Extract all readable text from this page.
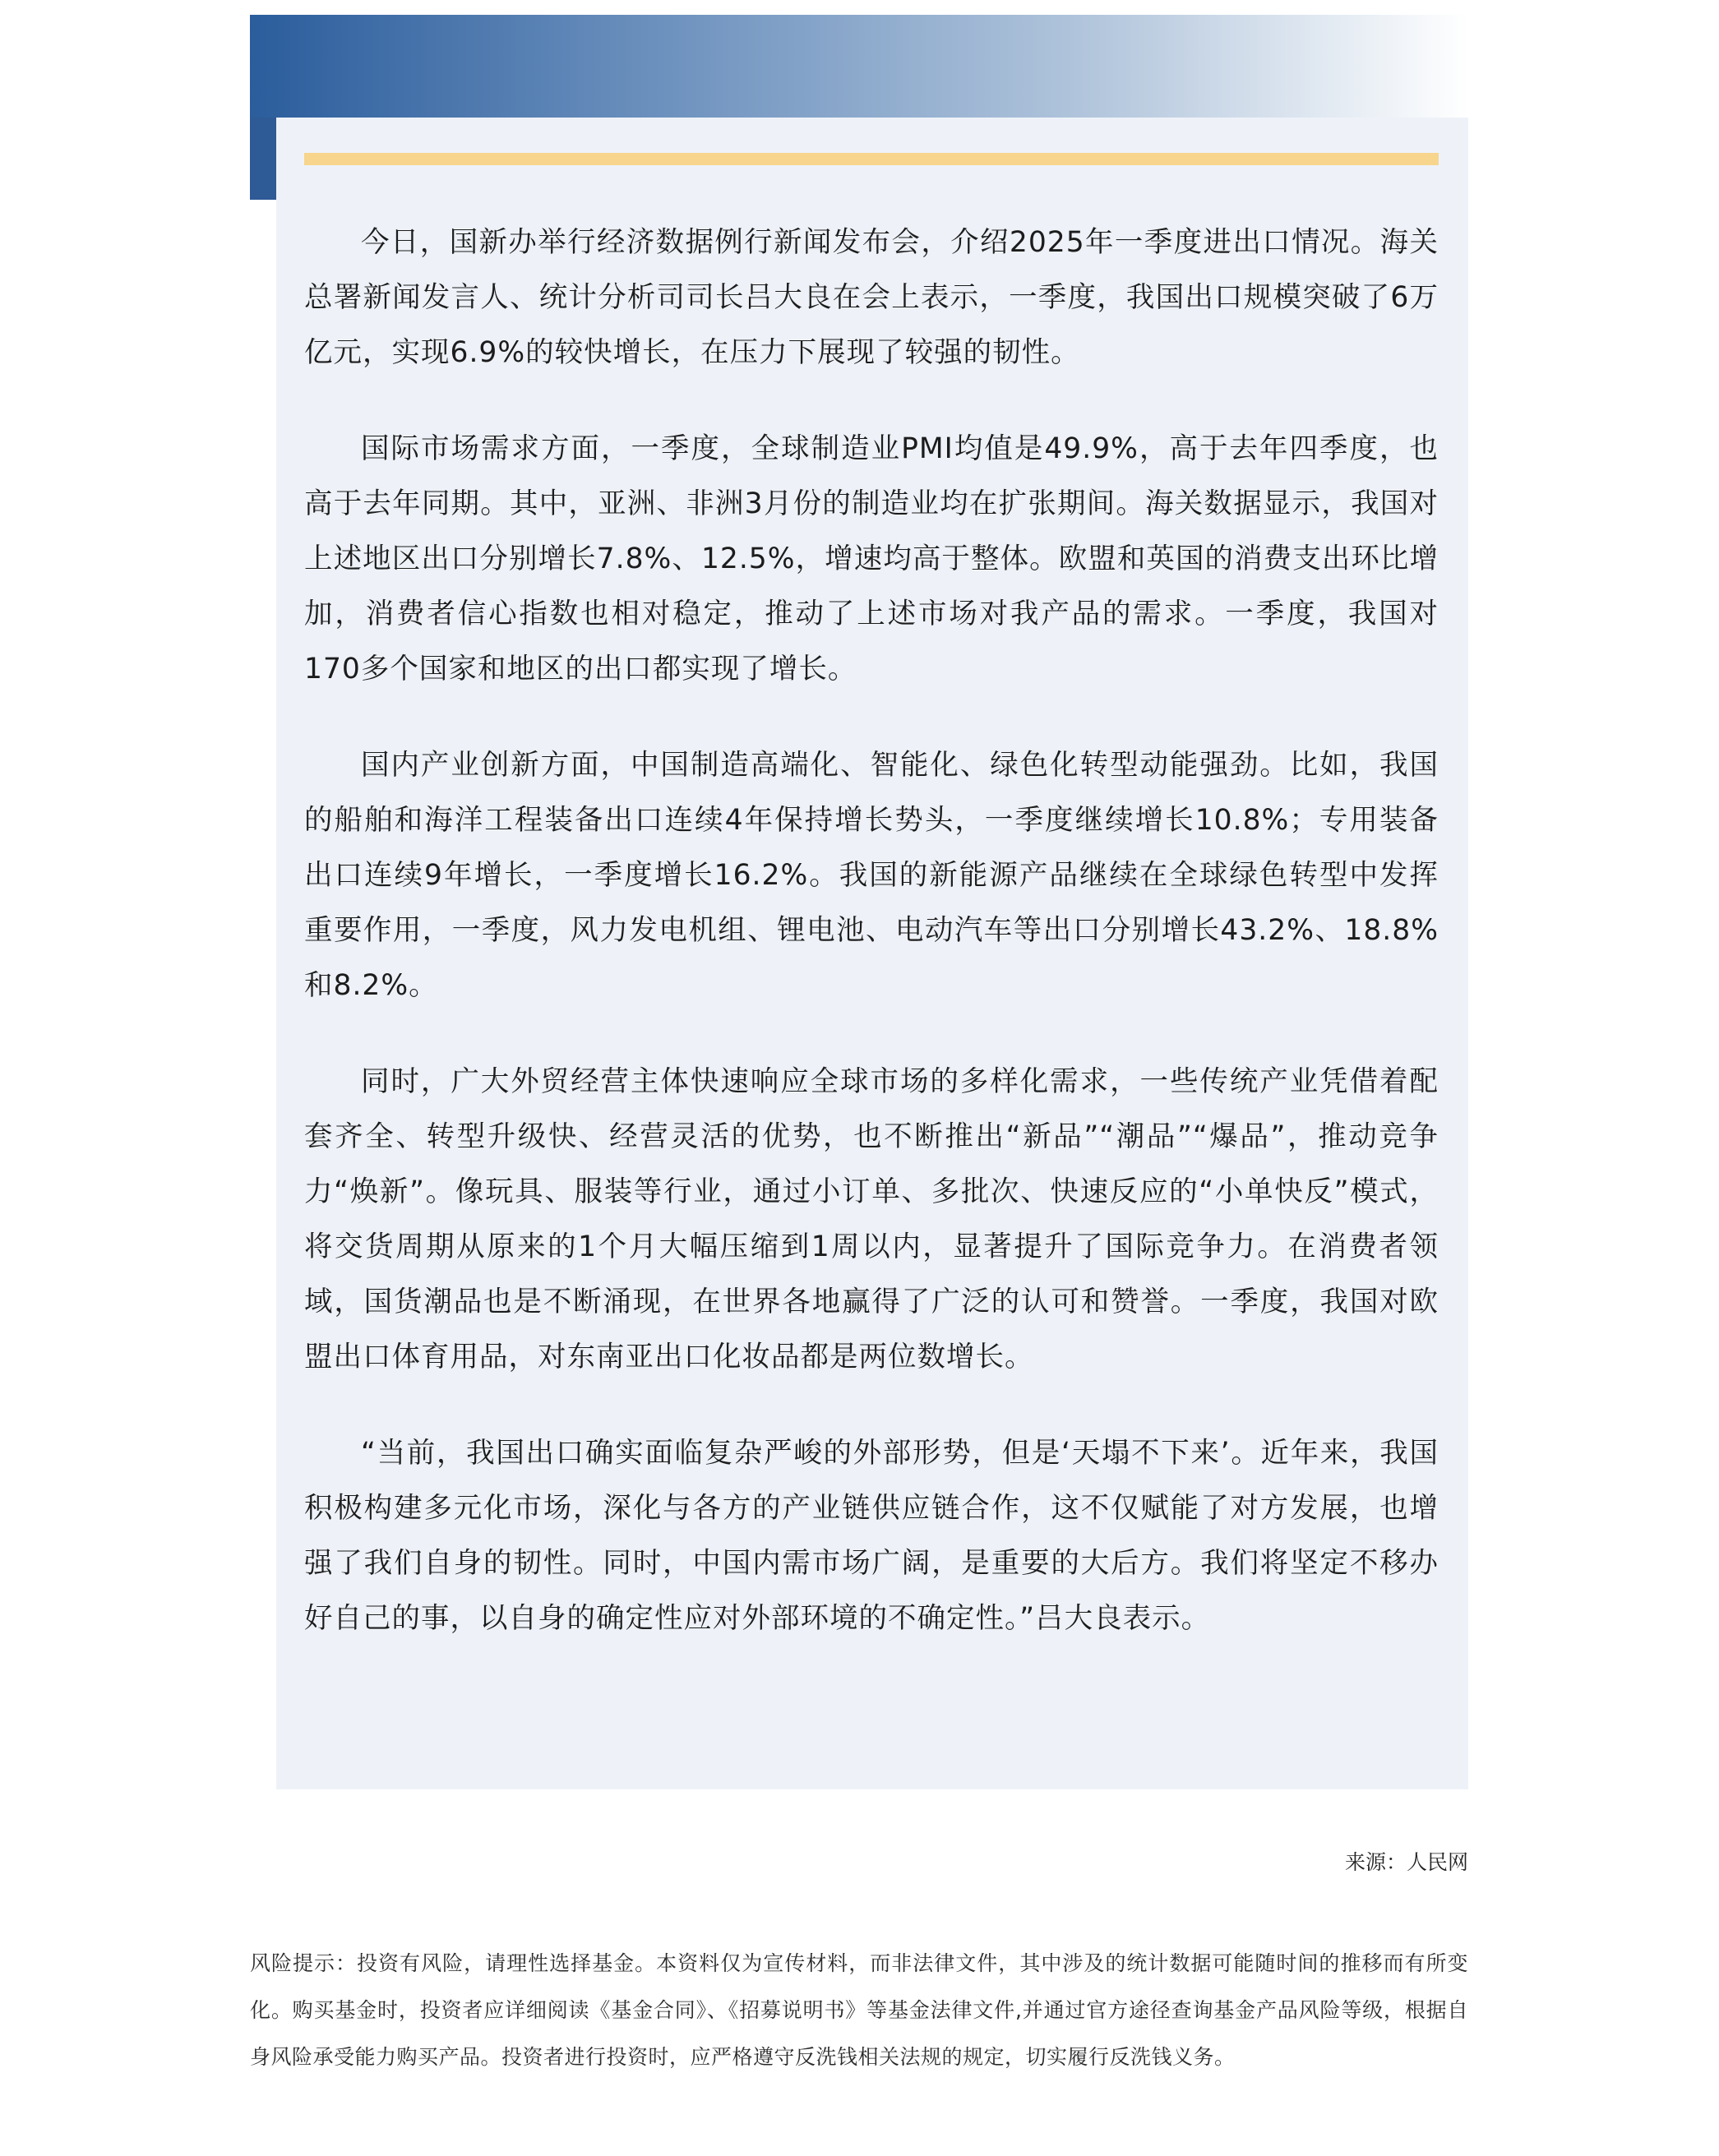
今日，国新办举行经济数据例行新闻发布会，介绍2025年一季度进出口情况。海关总署新闻发言人、统计分析司司长吕大良在会上表示，一季度，我国出口规模突破了6万亿元，实现6.9%的较快增长，在压力下展现了较强的韧性。

国际市场需求方面，一季度，全球制造业PMI均值是49.9%，高于去年四季度，也高于去年同期。其中，亚洲、非洲3月份的制造业均在扩张期间。海关数据显示，我国对上述地区出口分别增长7.8%、12.5%，增速均高于整体。欧盟和英国的消费支出环比增加，消费者信心指数也相对稳定，推动了上述市场对我产品的需求。一季度，我国对170多个国家和地区的出口都实现了增长。

国内产业创新方面，中国制造高端化、智能化、绿色化转型动能强劲。比如，我国的船舶和海洋工程装备出口连续4年保持增长势头，一季度继续增长10.8%；专用装备出口连续9年增长，一季度增长16.2%。我国的新能源产品继续在全球绿色转型中发挥重要作用，一季度，风力发电机组、锂电池、电动汽车等出口分别增长43.2%、18.8%和8.2%。

同时，广大外贸经营主体快速响应全球市场的多样化需求，一些传统产业凭借着配套齐全、转型升级快、经营灵活的优势，也不断推出“新品”“潮品”“爆品”，推动竞争力“焕新”。像玩具、服装等行业，通过小订单、多批次、快速反应的“小单快反”模式，将交货周期从原来的1个月大幅压缩到1周以内，显著提升了国际竞争力。在消费者领域，国货潮品也是不断涌现，在世界各地赢得了广泛的认可和赞誉。一季度，我国对欧盟出口体育用品，对东南亚出口化妆品都是两位数增长。

“当前，我国出口确实面临复杂严峻的外部形势，但是‘天塌不下来’。近年来，我国积极构建多元化市场，深化与各方的产业链供应链合作，这不仅赋能了对方发展，也增强了我们自身的韧性。同时，中国内需市场广阔，是重要的大后方。我们将坚定不移办好自己的事，以自身的确定性应对外部环境的不确定性。”吕大良表示。

来源：人民网
风险提示：投资有风险，请理性选择基金。本资料仅为宣传材料，而非法律文件，其中涉及的统计数据可能随时间的推移而有所变化。购买基金时，投资者应详细阅读《基金合同》、《招募说明书》等基金法律文件,并通过官方途径查询基金产品风险等级，根据自身风险承受能力购买产品。投资者进行投资时，应严格遵守反洗钱相关法规的规定，切实履行反洗钱义务。
